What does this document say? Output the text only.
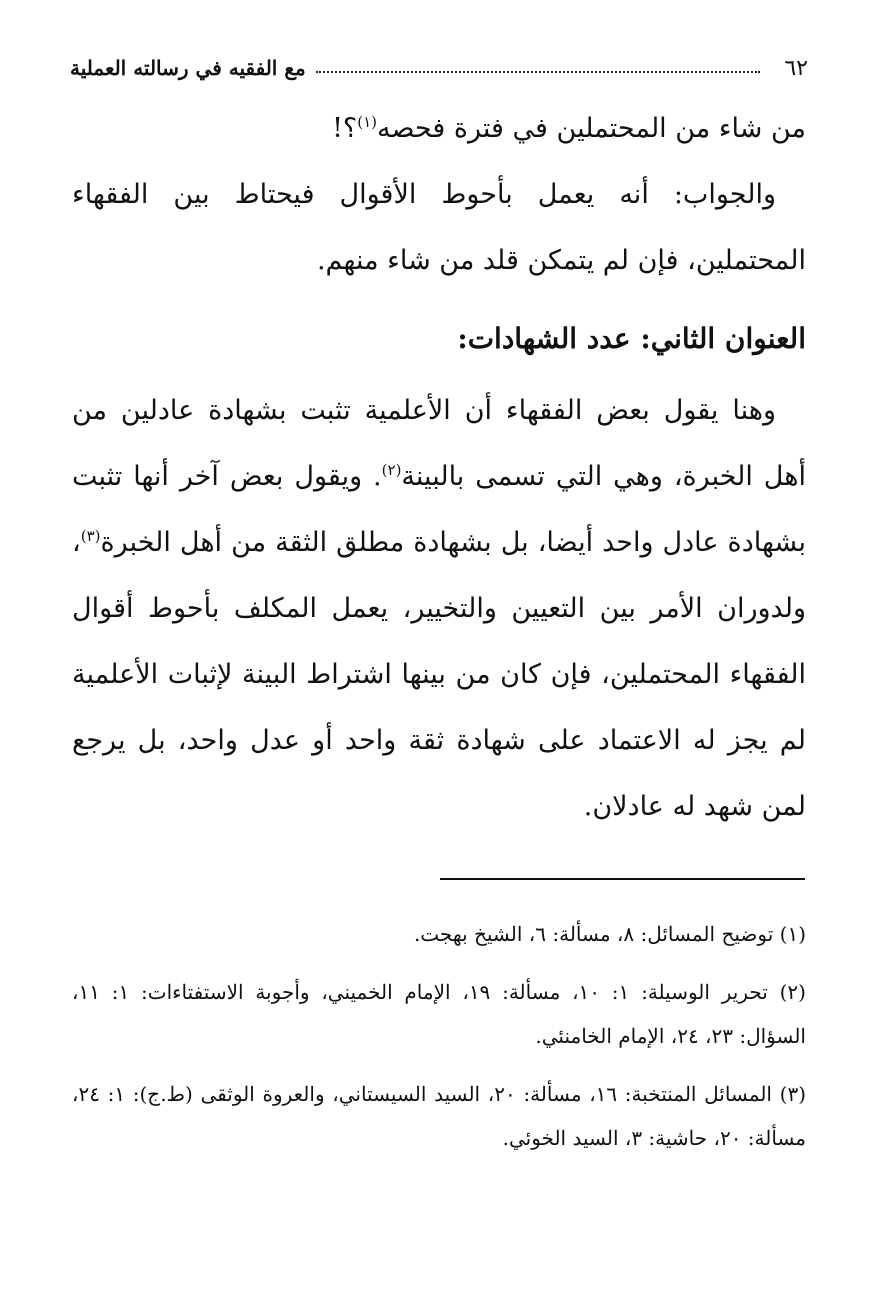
٦٢
مع الفقيه في رسالته العملية

من شاء من المحتملين في فترة فحصه$^{(١)}$؟!

والجواب: أنه يعمل بأحوط الأقوال فيحتاط بين الفقهاء المحتملين، فإن لم يتمكن قلد من شاء منهم.

العنوان الثاني: عدد الشهادات:

وهنا يقول بعض الفقهاء أن الأعلمية تثبت بشهادة عادلين من أهل الخبرة، وهي التي تسمى بالبينة$^{(٢)}$. ويقول بعض آخر أنها تثبت بشهادة عادل واحد أيضا، بل بشهادة مطلق الثقة من أهل الخبرة$^{(٣)}$، ولدوران الأمر بين التعيين والتخيير، يعمل المكلف بأحوط أقوال الفقهاء المحتملين، فإن كان من بينها اشتراط البينة لإثبات الأعلمية لم يجز له الاعتماد على شهادة ثقة واحد أو عدل واحد، بل يرجع لمن شهد له عادلان.

(١) توضيح المسائل: ٨، مسألة: ٦، الشيخ بهجت.

(٢) تحرير الوسيلة: ١: ١٠، مسألة: ١٩، الإمام الخميني، وأجوبة الاستفتاءات: ١: ١١، السؤال: ٢٣، ٢٤، الإمام الخامنئي.

(٣) المسائل المنتخبة: ١٦، مسألة: ٢٠، السيد السيستاني، والعروة الوثقى (ط.ج): ١: ٢٤، مسألة: ٢٠، حاشية: ٣، السيد الخوئي.
